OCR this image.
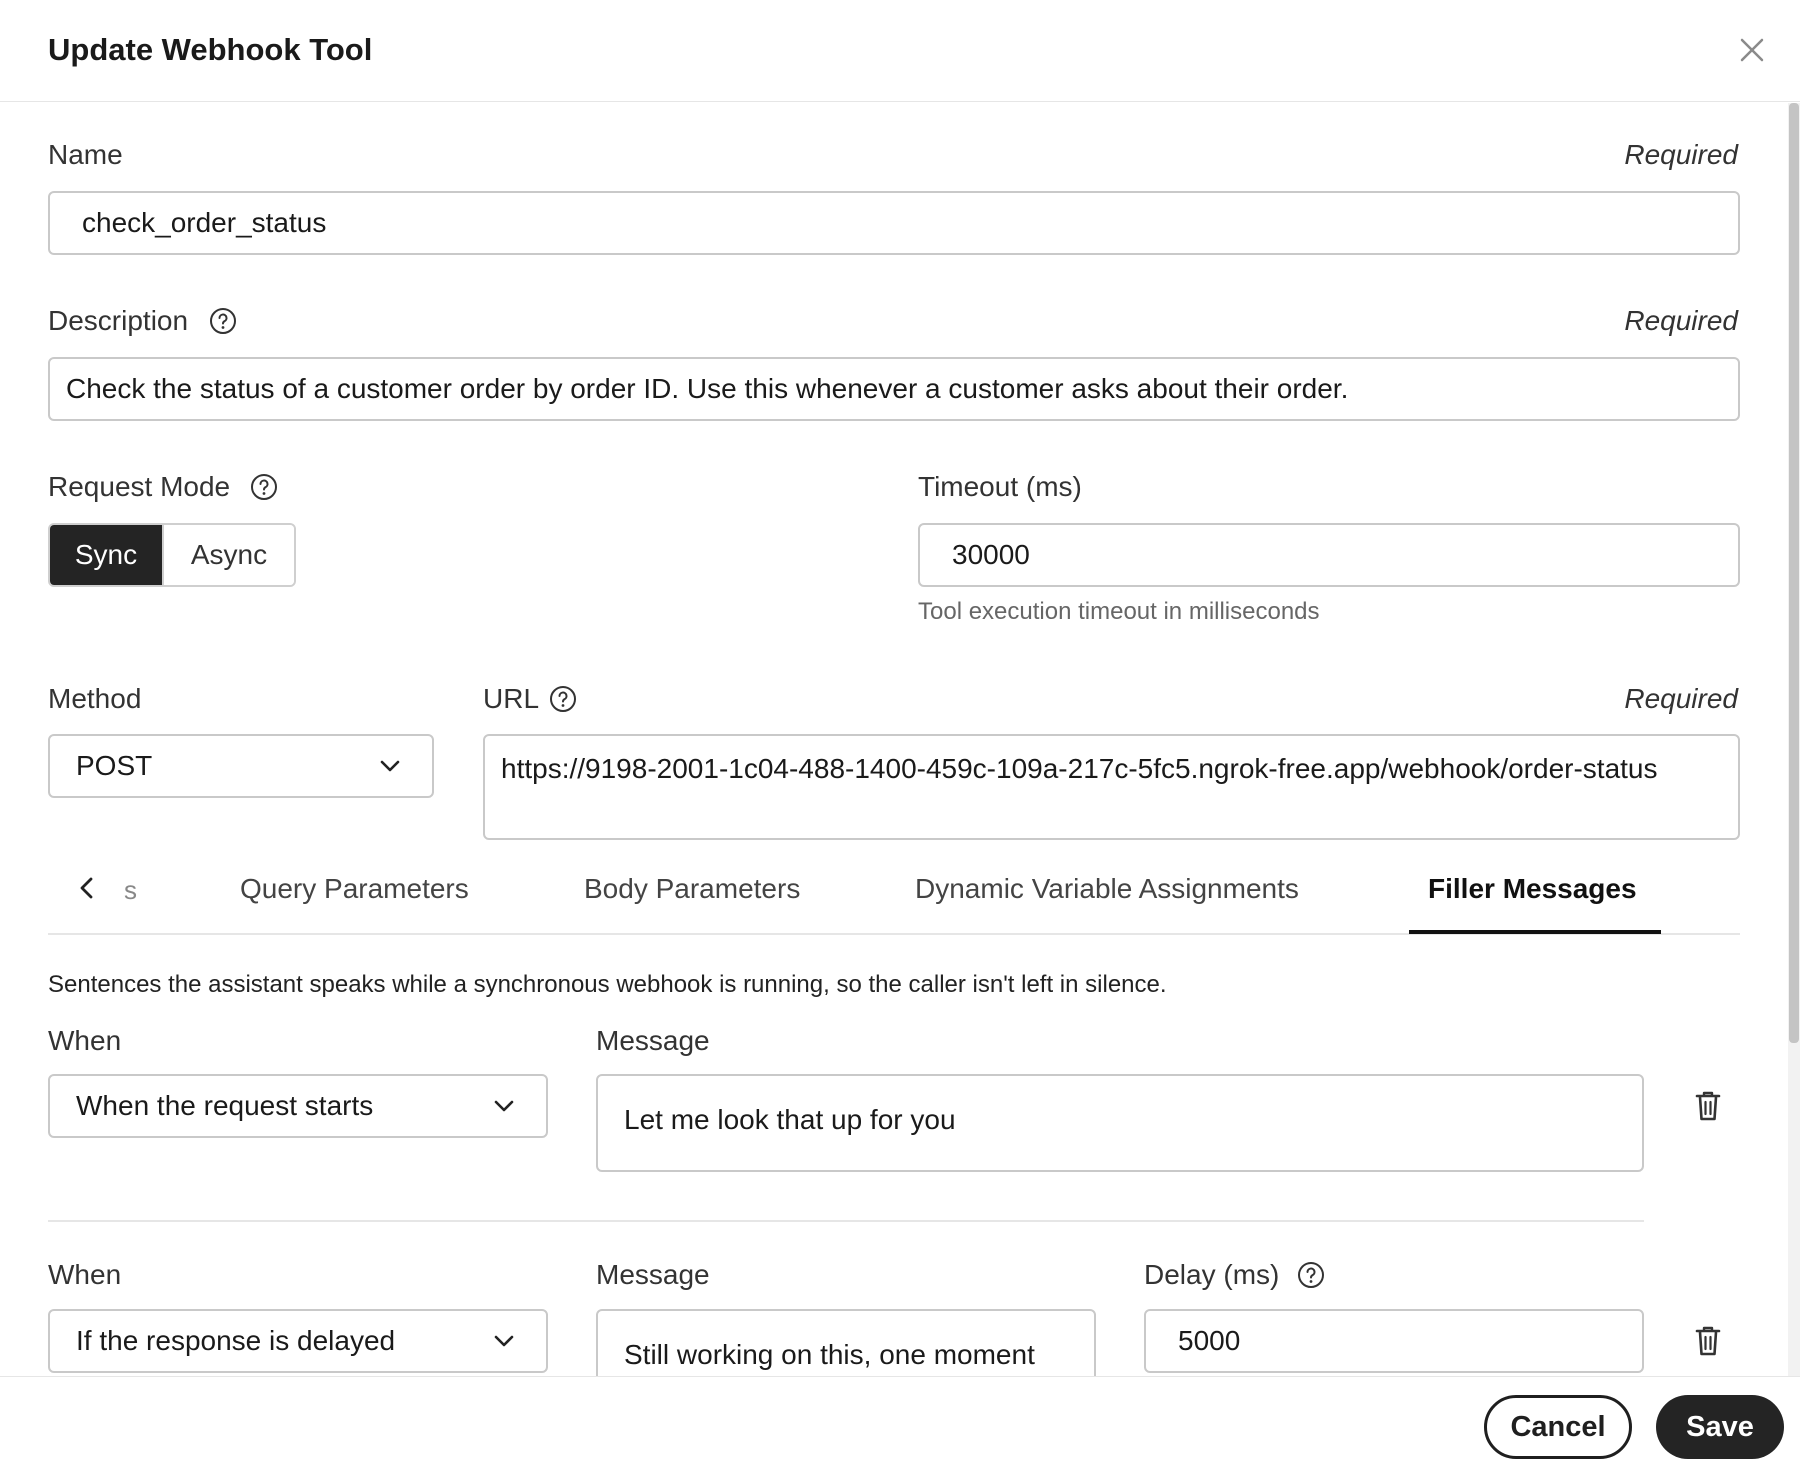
Update Webhook Tool
Name	Required
check_order_status
Description	Required
Check the status of a customer order by order ID. Use this whenever a customer asks about their order.
Request Mode
Sync	Async
Timeout (ms)
30000
Tool execution timeout in milliseconds
Method
POST
URL	Required
https://9198-2001-1c04-488-1400-459c-109a-217c-5fc5.ngrok-free.app/webhook/order-status
s	Query Parameters	Body Parameters	Dynamic Variable Assignments	Filler Messages
Sentences the assistant speaks while a synchronous webhook is running, so the caller isn't left in silence.
When
When the request starts
Message
Let me look that up for you
When
If the response is delayed
Message
Still working on this, one moment
Delay (ms)
5000
Cancel	Save
